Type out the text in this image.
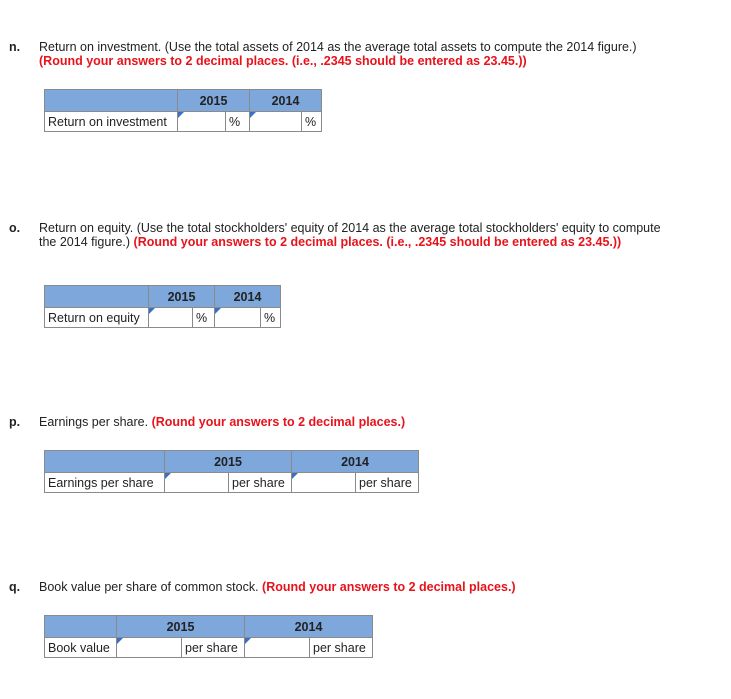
n. Return on investment. (Use the total assets of 2014 as the average total assets to compute the 2014 figure.) (Round your answers to 2 decimal places. (i.e., .2345 should be entered as 23.45.))
	2015		2014	
Return on investment		%		%
o. Return on equity. (Use the total stockholders' equity of 2014 as the average total stockholders' equity to compute the 2014 figure.) (Round your answers to 2 decimal places. (i.e., .2345 should be entered as 23.45.))
	2015		2014	
Return on equity		%		%
p. Earnings per share. (Round your answers to 2 decimal places.)
	2015		2014	
Earnings per share		per share		per share
q. Book value per share of common stock. (Round your answers to 2 decimal places.)
	2015		2014	
Book value		per share		per share
